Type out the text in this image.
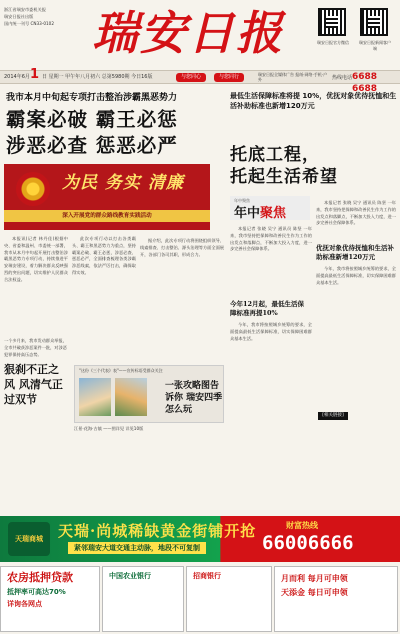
浙江省瑞安市委机关报
瑞安日报社出版
国内统一刊号 CN33-0102 瑞安日报	瑞安日报官方微信	瑞安日报新闻客户端
2014年6月 1 日 星期一 甲午年八月初六 总第5980期 今日16版	与您同心	与您同行	瑞安日报全媒体广告 报纸·网络·手机·户外	热线电话 6688 6688
我市本月中旬起专项打击整治涉霸黑恶势力
霸案必破 霸王必惩
涉恶必查 惩恶必严
为民 务实 清廉
深入开展党的群众路线教育实践活动

本报讯(记者 林丹佳)根据中央、省委和温州、市委统一部署，我市从本月中旬起开展打击整治涉霸黑恶势力专项行动，持续推进平安瑞安建设，着力解决群众反映强烈的突出问题，切实维护人民群众合法权益。

此次专项行动以打击各类霸头、霸王和黑恶势力为重点，坚持霸案必破、霸王必惩，涉恶必查、惩恶必严，全面排查梳理各类涉霸涉恶线索，依法严厉打击，确保取得实效。

据介绍，此次专项行动将围绕组织领导、线索排查、打击整治、源头治理等方面全面展开，各部门各司其职，形成合力。

一个多月来，我市发动群众举报，全市共破获涉恶案件一批，对涉恶犯罪保持高压态势。
狠刹不正之风 风清气正 过双节
"这份《三个代表》表"——宣传标语受群众关注
一张攻略图告诉你 瑞安四季怎么玩
江景·花海·古镇 ——图详见 详见10版
最低生活保障标准将提 10%，优抚对象优待抚恤和生活补助标准也新增120万元
托底工程，
托起生活希望
年中聚焦
年中聚焦

本报记者 张晓 吴宁 通讯员 陈坚 一年来，我市坚持把保障和改善民生作为工作的出发点和落脚点，不断加大投入力度，进一步完善社会保障体系。

今年12月起，最低生活保障标准再提10%

今年，我市将按照城乡统筹的要求，全面提高最低生活保障标准，切实保障困难群众基本生活。

本报记者 张晓 吴宁 通讯员 陈坚 一年来，我市坚持把保障和改善民生作为工作的出发点和落脚点，不断加大投入力度，进一步完善社会保障体系。

优抚对象优待抚恤和生活补助标准新增120万元

今年，我市将按照城乡统筹的要求，全面提高最低生活保障标准，切实保障困难群众基本生活。

[相关链接]
天瑞商城	天瑞·尚城稀缺黄金街铺开抢
紧邻瑞安大道交通主动脉，地段不可复制
财富热线
66006666
农房抵押贷款
抵押率可高达70%
详询各网点
中国农业银行	招商银行	月而利 每月可申领
天添金 每日可申领
